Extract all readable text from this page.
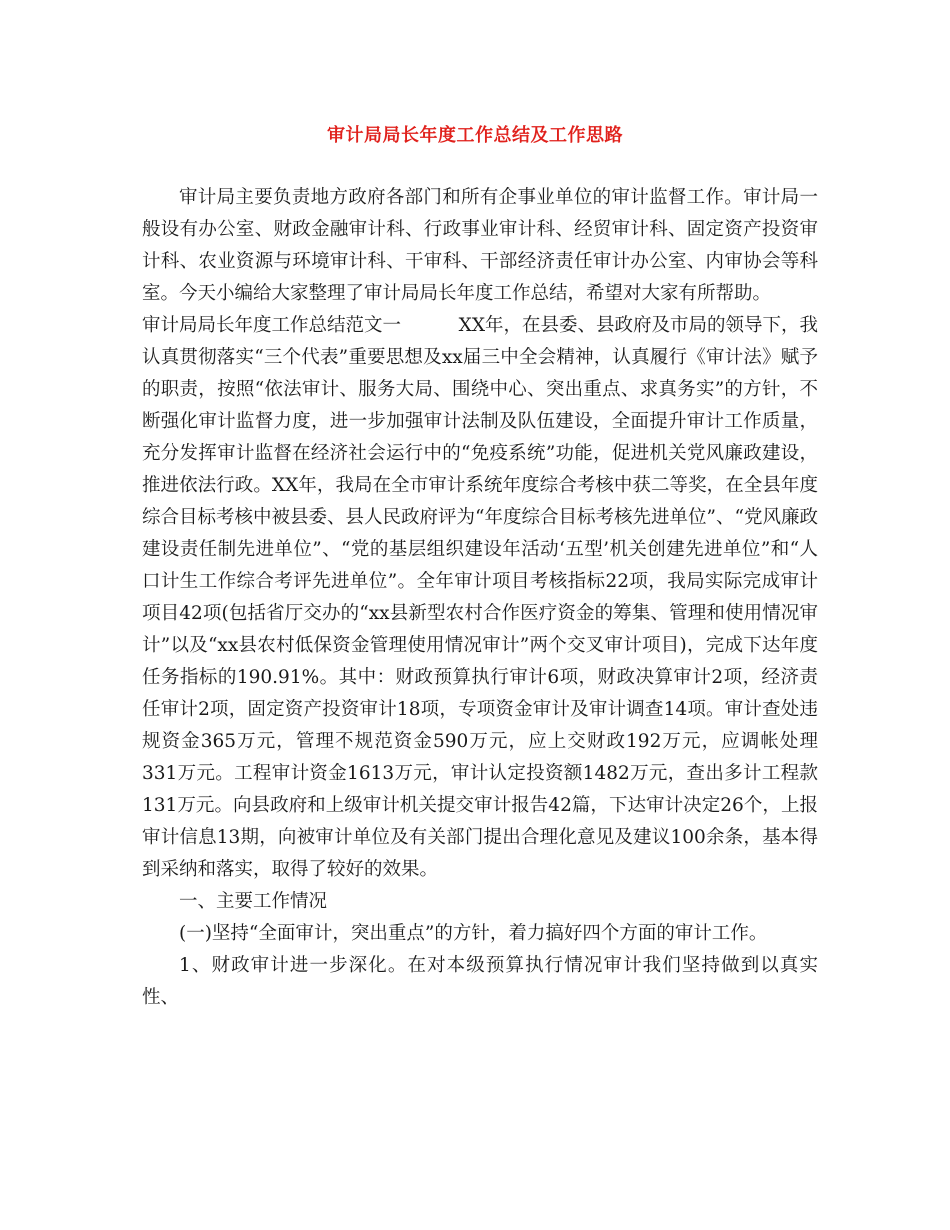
审计局局长年度工作总结及工作思路

审计局主要负责地方政府各部门和所有企事业单位的审计监督工作。审计局一般设有办公室、财政金融审计科、行政事业审计科、经贸审计科、固定资产投资审计科、农业资源与环境审计科、干审科、干部经济责任审计办公室、内审协会等科室。今天小编给大家整理了审计局局长年度工作总结，希望对大家有所帮助。

审计局局长年度工作总结范文一	XX年，在县委、县政府及市局的领导下，我

认真贯彻落实“三个代表”重要思想及xx届三中全会精神，认真履行《审计法》赋予的职责，按照“依法审计、服务大局、围绕中心、突出重点、求真务实”的方针，不断强化审计监督力度，进一步加强审计法制及队伍建设，全面提升审计工作质量，充分发挥审计监督在经济社会运行中的“免疫系统”功能，促进机关党风廉政建设，推进依法行政。XX年，我局在全市审计系统年度综合考核中获二等奖，在全县年度综合目标考核中被县委、县人民政府评为“年度综合目标考核先进单位”、“党风廉政建设责任制先进单位”、“党的基层组织建设年活动‘五型’机关创建先进单位”和“人口计生工作综合考评先进单位”。全年审计项目考核指标22项，我局实际完成审计项目42项(包括省厅交办的“xx县新型农村合作医疗资金的筹集、管理和使用情况审计”以及“xx县农村低保资金管理使用情况审计”两个交叉审计项目)，完成下达年度任务指标的190.91%。其中：财政预算执行审计6项，财政决算审计2项，经济责任审计2项，固定资产投资审计18项，专项资金审计及审计调查14项。审计查处违规资金365万元，管理不规范资金590万元，应上交财政192万元，应调帐处理331万元。工程审计资金1613万元，审计认定投资额1482万元，查出多计工程款131万元。向县政府和上级审计机关提交审计报告42篇，下达审计决定26个，上报审计信息13期，向被审计单位及有关部门提出合理化意见及建议100余条，基本得到采纳和落实，取得了较好的效果。

一、主要工作情况

(一)坚持“全面审计，突出重点”的方针，着力搞好四个方面的审计工作。

1、财政审计进一步深化。在对本级预算执行情况审计我们坚持做到以真实性、
